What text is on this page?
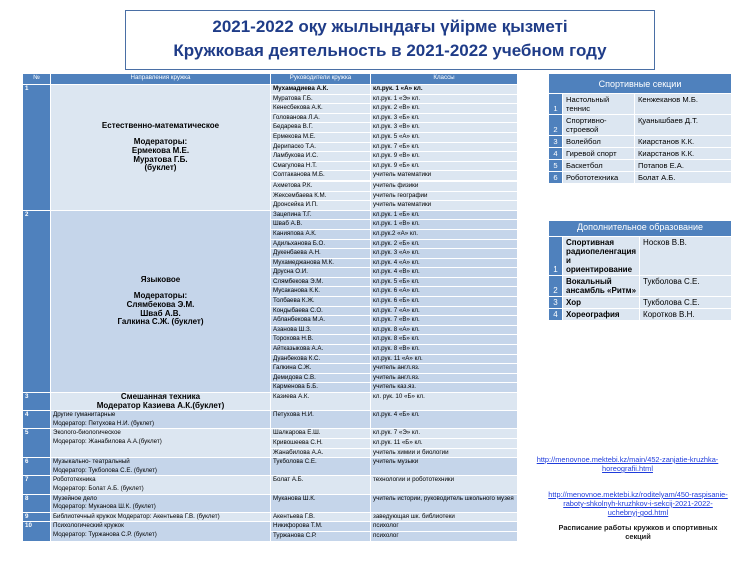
2021-2022 оқу жылындағы үйірме қызметі
Кружковая деятельность в 2021-2022 учебном году
№	Направления кружка	Руководители кружка	Классы
1	Естественно-математическое
Модераторы:
Ермекова М.Е.
Муратова Г.Б.
(буклет)	Мухамадиева А.К.	кл.рук. 1 «А» кл.
		Муратова Г.Б.	кл.рук. 1 «Э» кл.
		Кенесбекова А.К.	кл.рук. 2 «В» кл.
		Голованова Л.А.	кл.рук. 3 «Б» кл.
		Бедарева В.Г.	кл.рук. 3 «В» кл.
		Ермекова М.Е.	кл.рук. 5 «А» кл.
		Дерипаско Т.А.	кл.рук. 7 «Б» кл.
		Ламбукова И.С.	кл.рук. 9 «В» кл.
		Смагулова Н.Т.	кл.рук. 9 «Б» кл.
		Солтаканова М.Б.	учитель математики

		Ахметова Р.К.	учитель физики
		Жексембаева К.М.	учитель географии
		Дронсейка И.П.	учитель математики
2	Языковое
Модераторы:
Слямбекова Э.М.
Шваб А.В.
Галкина С.Ж. (буклет)	Зацепина Т.Г.	кл.рук. 1 «Б» кл.
		Шваб А.В.	кл.рук. 1 «В» кл.
		Канияпова А.К.	кл.рук.2 «А» кл.
		Адильханова Б.О.	кл.рук. 2 «Б» кл.
		Дукенбаева А.Н.	кл.рук. 3 «А» кл.
		Мухамеджанова М.К.	кл.рук. 4 «А» кл.
		Друсна О.И.	кл.рук. 4 «В» кл.
		Слямбекова Э.М.	кл.рук. 5 «Б» кл.
		Мусаканова К.К.	кл.рук. 6 «А» кл.
		Толбаева К.Ж.	кл.рук. 6 «Б» кл.
		Кондыбаева С.О.	кл.рук. 7 «А» кл.
		Абланбекова М.А.	кл.рук. 7 «В» кл.
		Азанова Ш.З.	кл.рук. 8 «А» кл.
		Торохова Н.В.	кл.рук. 8 «Б» кл.
		Айтказыкова А.А.	кл.рук. 8 «В» кл.
		Дуанбекова К.С.	кл.рук. 11 «А» кл.
		Галкина С.Ж.	учитель англ.яз.
		Демидова С.В.	учитель англ.яз.
		Карменова Б.Б.	учитель каз.яз.
3	Смешанная техника
Модератор Казиева А.К.(буклет)	Казиева А.К.	кл. рук. 10 «Б» кл.
4	Другие гуманитарные
Модератор: Петухова Н.И. (буклет)	Петухова Н.И.	кл.рук. 4 «Б» кл.
5	Эколого-биологическое
Модератор: Жанабилова А.А.(буклет)	Шалкарова Е.Ш.	кл.рук. 7 «Э» кл.
		Кривошеева С.Н.	кл.рук. 11 «Б» кл.
		Жанабилова А.А.	учитель химии и биологии
6	Музыкально- театральный
Модератор: Тукболова С.Е. (буклет)	Тукболова С.Е.	учитель музыки
7	Робототехника
Модератор: Болат А.Б. (буклет)	Болат А.Б.	технологии и робототехники
8	Музейное дело
Модератор: Муканова Ш.К. (буклет)	Муканова Ш.К.	учитель истории, руководитель школьного музея
9	Библиотечный кружок Модератор: Акентьева Г.В. (буклет)	Акентьева Г.В.	заведующая шк. библиотеки
10	Психологический кружок
Модератор: Туржанова С.Р. (буклет)	Никифорова Т.М.	психолог
		Туржанова С.Р.	психолог
Спортивные секции		
1	Настольный теннис	Кенжеканов М.Б.
2	Спортивно-строевой	Қуанышбаев Д.Т.
3	Волейбол	Киарстанов К.К.
4	Гиревой спорт	Киарстанов К.К.
5	Баскетбол	Потапов Е.А.
6	Робототехника	Болат А.Б.
Дополнительное образование		
1	Спортивная радиопеленгация и ориентирование	Носков В.В.
2	Вокальный ансамбль «Ритм»	Тукболова С.Е.
3	Хор	Тукболова С.Е.
4	Хореография	Коротков В.Н.
http://menovnoe.mektebi.kz/main/452-zanjatie-kruzhka-horeografii.html
http://menovnoe.mektebi.kz/roditelyam/450-raspisanie-raboty-shkolnyh-kruzhkov-i-sekcij-2021-2022-uchebnyj-god.html
Расписание работы кружков и спортивных секций
